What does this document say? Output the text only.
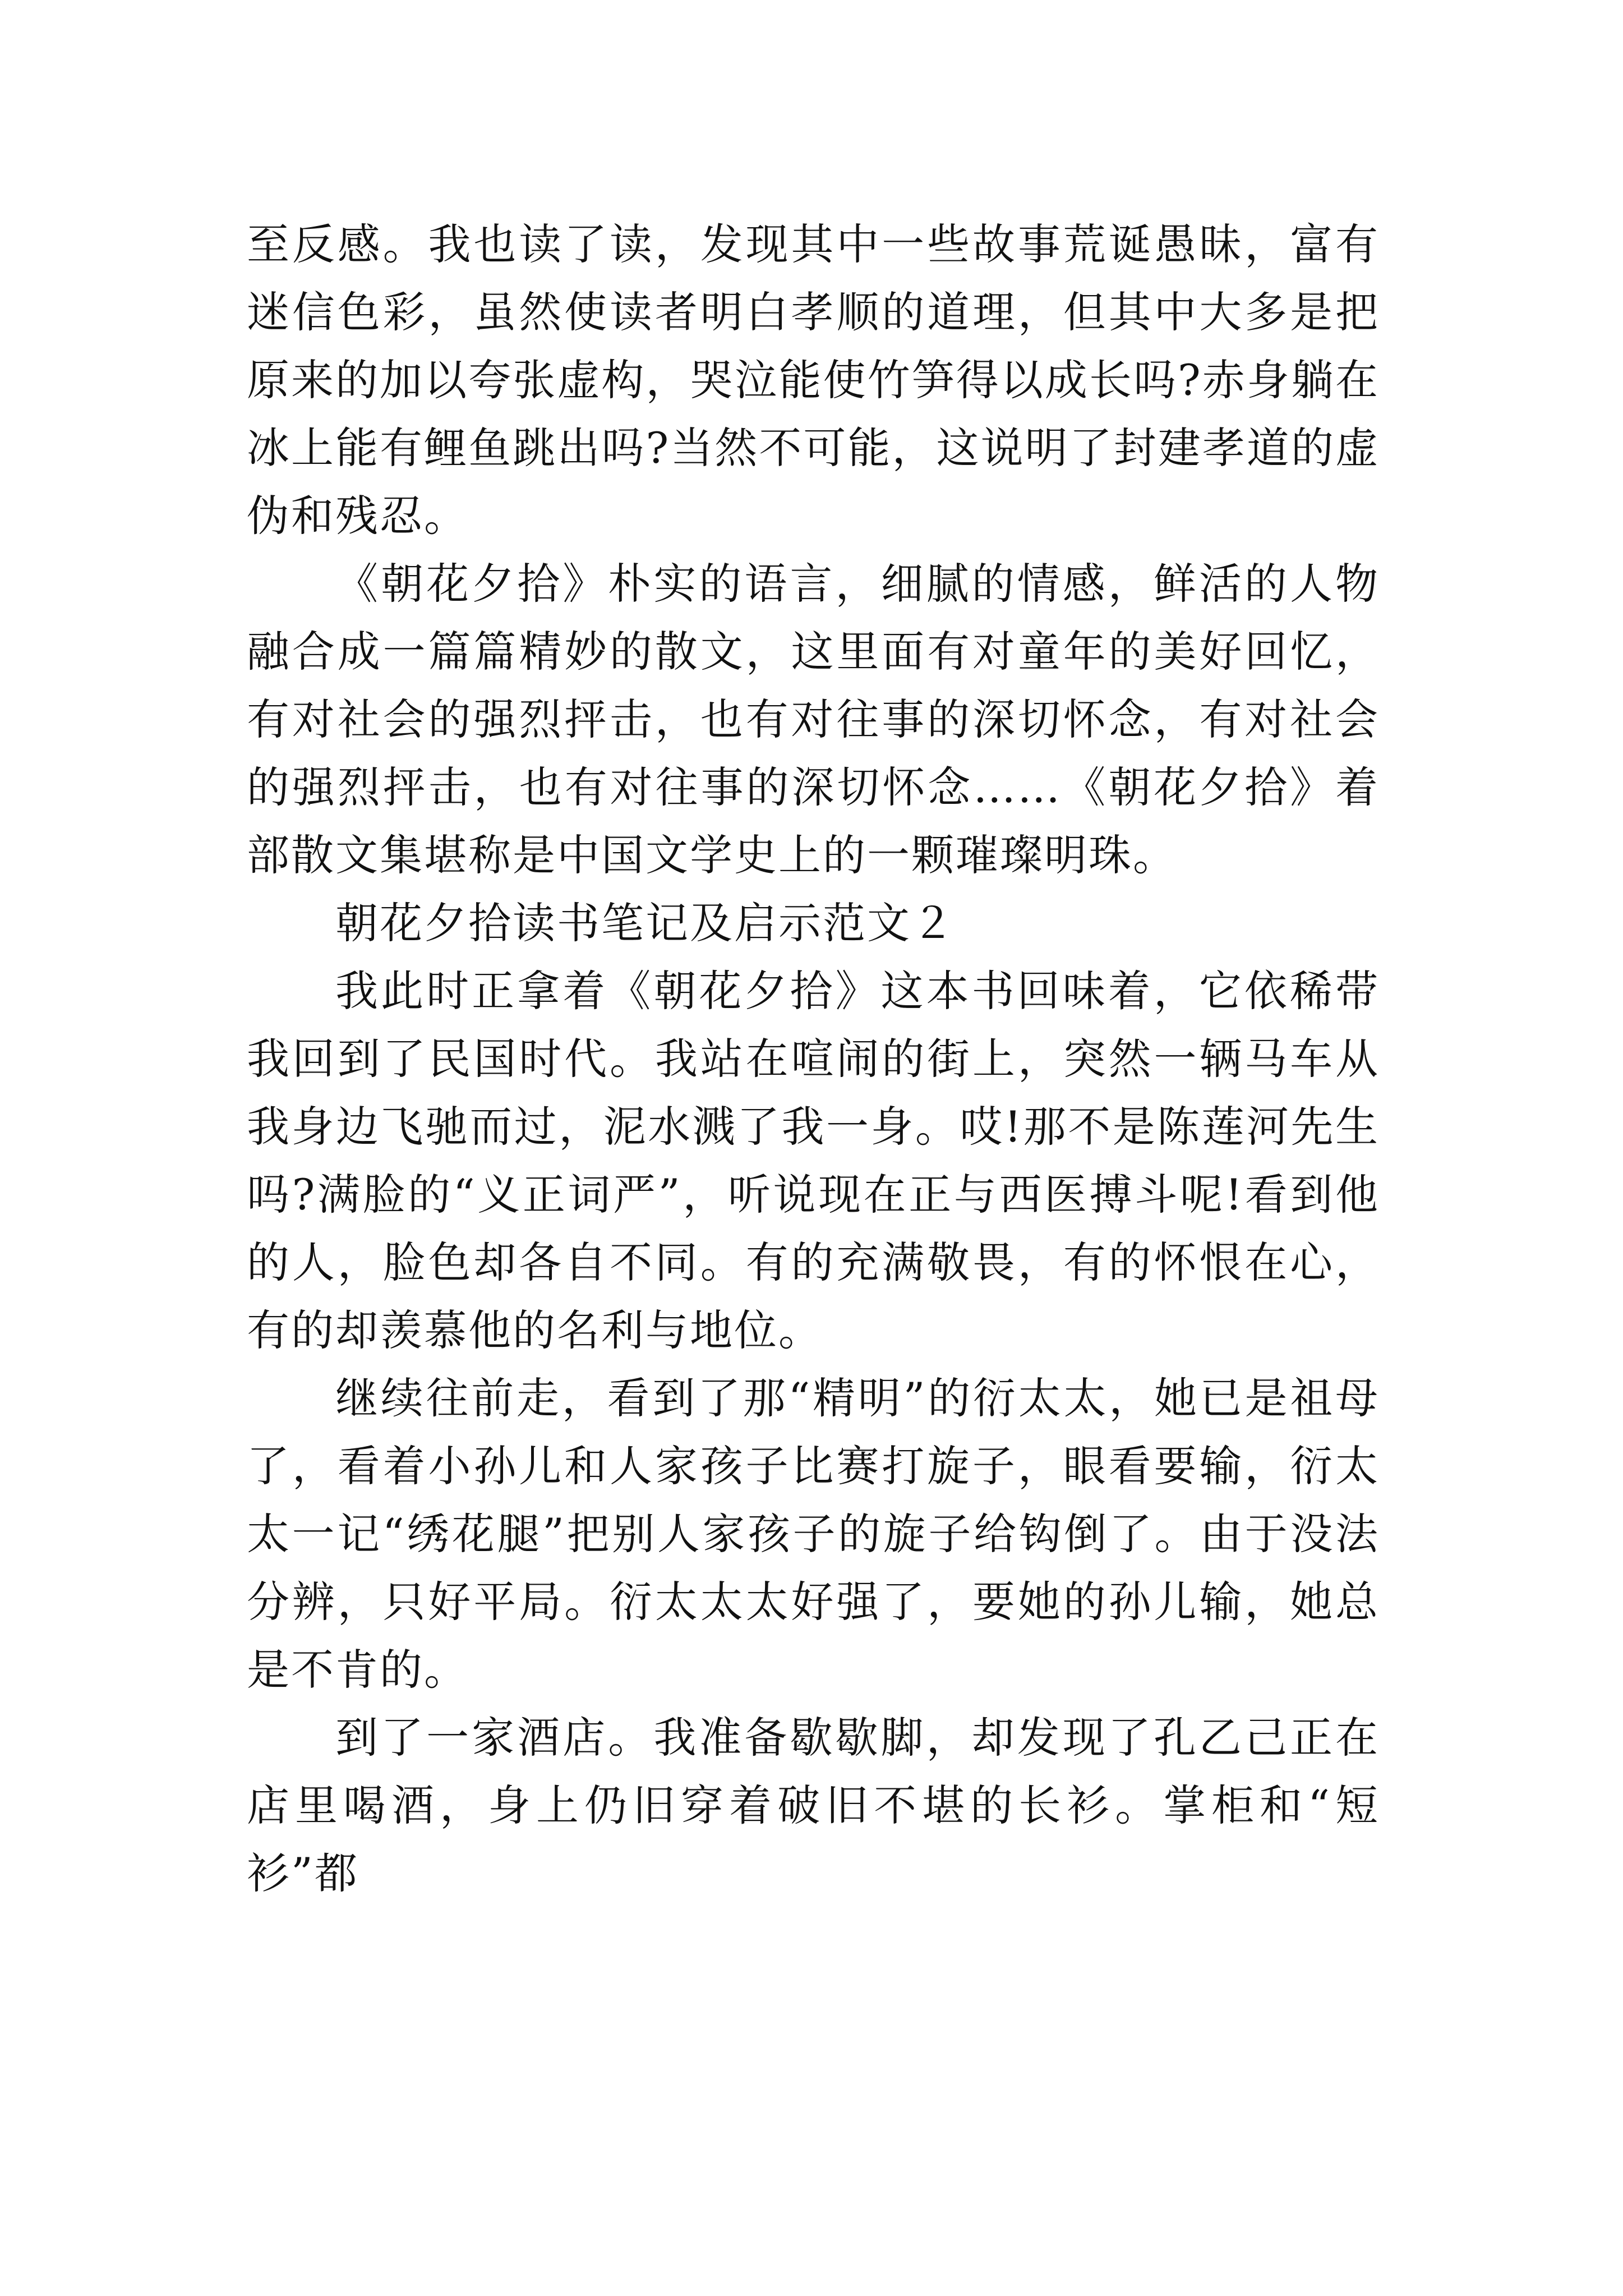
至反感。我也读了读，发现其中一些故事荒诞愚昧，富有迷信色彩，虽然使读者明白孝顺的道理，但其中大多是把原来的加以夸张虚构，哭泣能使竹笋得以成长吗?赤身躺在冰上能有鲤鱼跳出吗?当然不可能，这说明了封建孝道的虚伪和残忍。

《朝花夕拾》朴实的语言，细腻的情感，鲜活的人物融合成一篇篇精妙的散文，这里面有对童年的美好回忆，有对社会的强烈抨击，也有对往事的深切怀念，有对社会的强烈抨击，也有对往事的深切怀念……《朝花夕拾》着部散文集堪称是中国文学史上的一颗璀璨明珠。

朝花夕拾读书笔记及启示范文２

我此时正拿着《朝花夕拾》这本书回味着，它依稀带我回到了民国时代。我站在喧闹的街上，突然一辆马车从我身边飞驰而过，泥水溅了我一身。哎!那不是陈莲河先生吗?满脸的“义正词严”，听说现在正与西医搏斗呢!看到他的人，脸色却各自不同。有的充满敬畏，有的怀恨在心，有的却羡慕他的名利与地位。

继续往前走，看到了那“精明”的衍太太，她已是祖母了，看着小孙儿和人家孩子比赛打旋子，眼看要输，衍太太一记“绣花腿”把别人家孩子的旋子给钩倒了。由于没法分辨，只好平局。衍太太太好强了，要她的孙儿输，她总是不肯的。

到了一家酒店。我准备歇歇脚，却发现了孔乙己正在店里喝酒，身上仍旧穿着破旧不堪的长衫。掌柜和“短衫”都
